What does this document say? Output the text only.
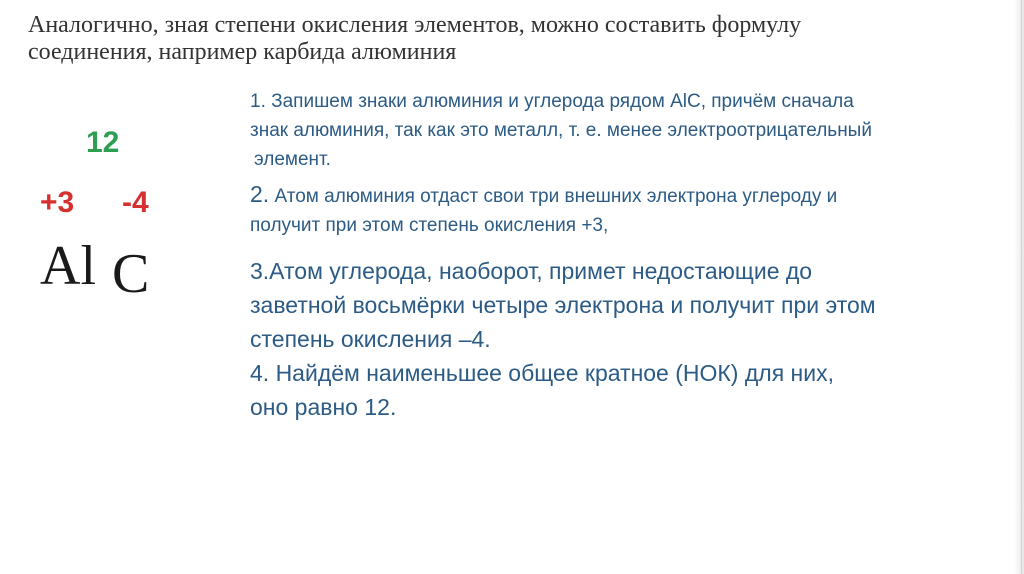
Аналогично, зная степени окисления элементов, можно составить формулу
соединения, например карбида алюминия
12
+3 -4
Al C
1. Запишем знаки алюминия и углерода рядом AlC, причём сначала
знак алюминия, так как это металл, т. е. менее электроотрицательный
элемент.
2. Атом алюминия отдаст свои три внешних электрона углероду и
получит при этом степень окисления +3,
3.Атом углерода, наоборот, примет недостающие до
заветной восьмёрки четыре электрона и получит при этом
степень окисления –4.
4. Найдём наименьшее общее кратное (НОК) для них,
оно равно 12.
